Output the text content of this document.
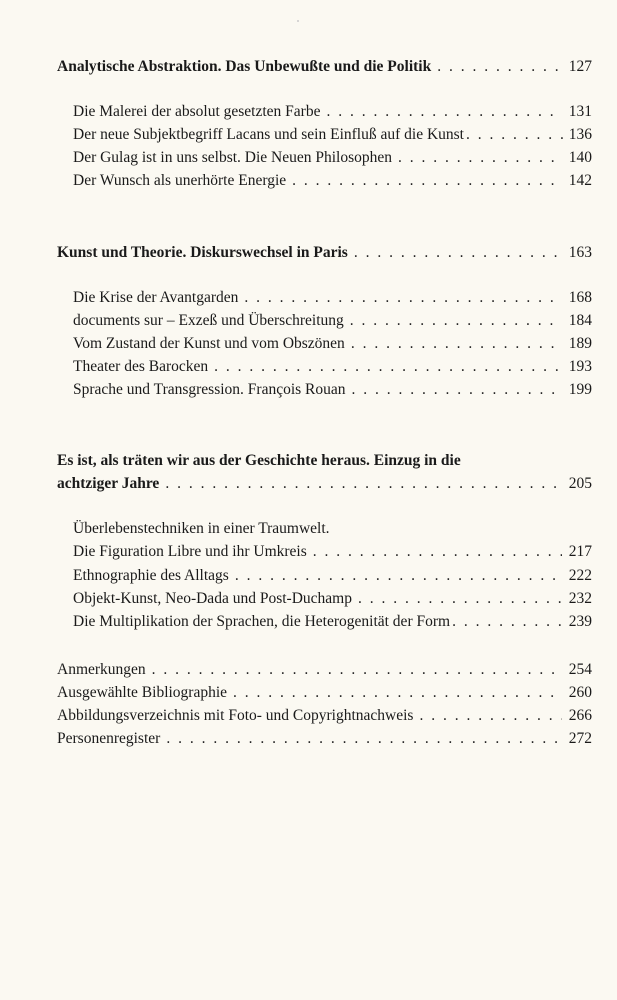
Analytische Abstraktion. Das Unbewußte und die Politik . . .	127
Die Malerei der absolut gesetzten Farbe . . .	131
Der neue Subjektbegriff Lacans und sein Einfluß auf die Kunst . . .	136
Der Gulag ist in uns selbst. Die Neuen Philosophen . . .	140
Der Wunsch als unerhörte Energie . . .	142
Kunst und Theorie. Diskurswechsel in Paris . . .	163
Die Krise der Avantgarden . . .	168
documents sur – Exzeß und Überschreitung . . .	184
Vom Zustand der Kunst und vom Obszönen . . .	189
Theater des Barocken . . .	193
Sprache und Transgression. François Rouan . . .	199
Es ist, als träten wir aus der Geschichte heraus. Einzug in die
achtziger Jahre . . .	205
Überlebenstechniken in einer Traumwelt.
Die Figuration Libre und ihr Umkreis . . .	217
Ethnographie des Alltags . . .	222
Objekt-Kunst, Neo-Dada und Post-Duchamp . . .	232
Die Multiplikation der Sprachen, die Heterogenität der Form . . .	239
Anmerkungen . . .	254
Ausgewählte Bibliographie . . .	260
Abbildungsverzeichnis mit Foto- und Copyrightnachweis . . .	266
Personenregister . . .	272
